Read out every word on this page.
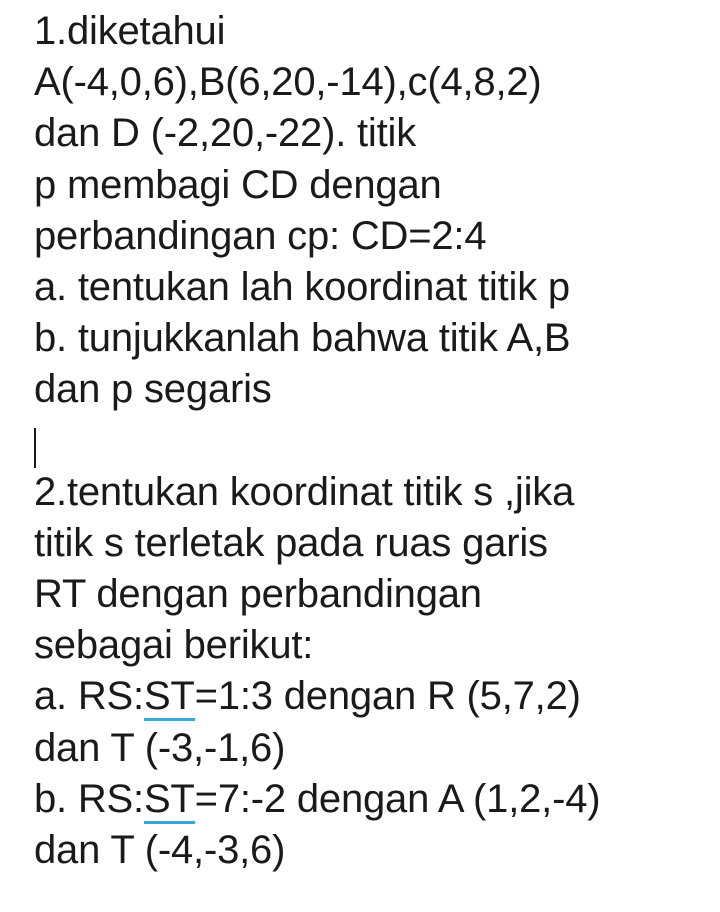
1.diketahui
A(-4,0,6),B(6,20,-14),c(4,8,2)
dan D (-2,20,-22). titik
p membagi CD dengan
perbandingan cp: CD=2:4
a. tentukan lah koordinat titik p
b. tunjukkanlah bahwa titik A,B
dan p segaris
2.tentukan koordinat titik s ,jika
titik s terletak pada ruas garis
RT dengan perbandingan
sebagai berikut:
a. RS:ST=1:3 dengan R (5,7,2)
dan T (-3,-1,6)
b. RS:ST=7:-2 dengan A (1,2,-4)
dan T (-4,-3,6)
